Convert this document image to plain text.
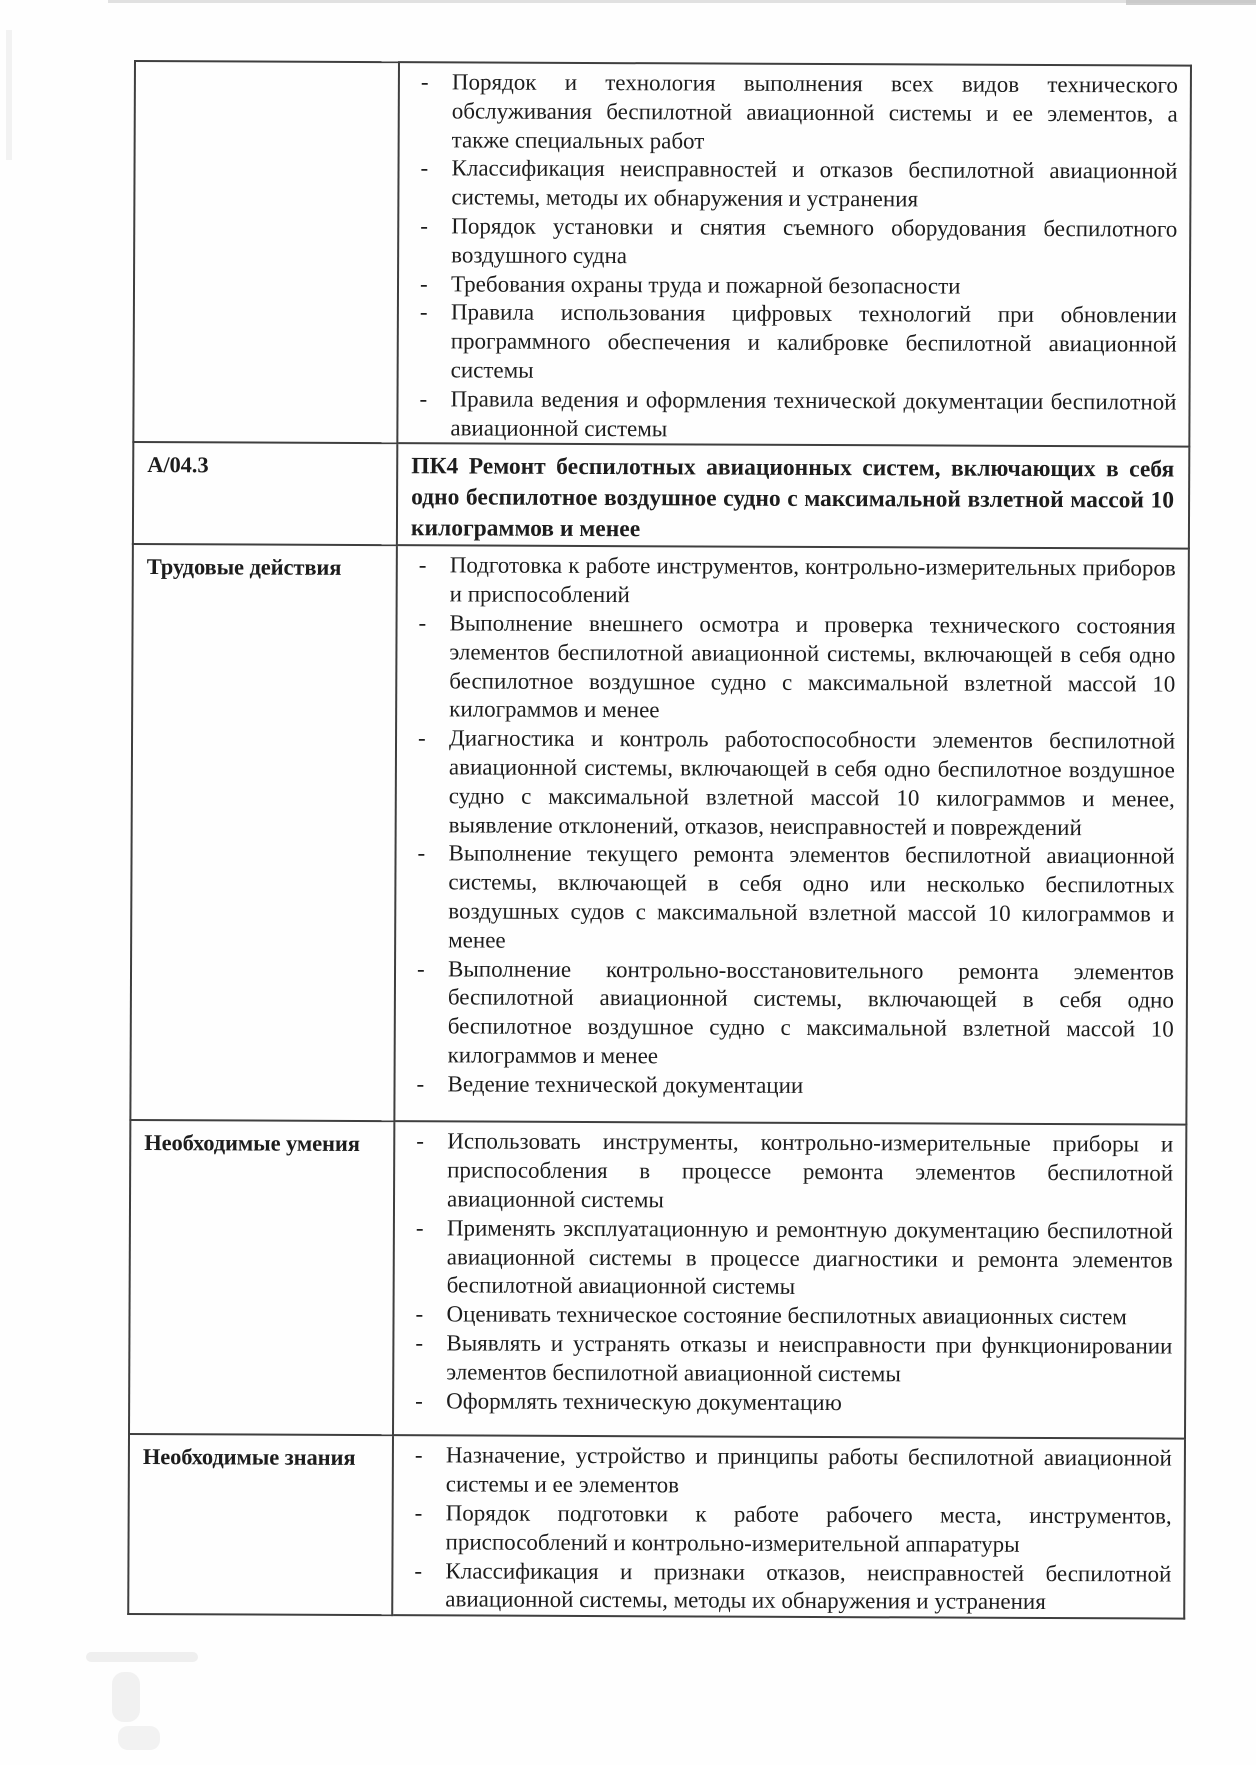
-	Порядок и технология выполнения всех видов технического обслуживания беспилотной авиационной системы и ее элементов, а также специальных работ
-	Классификация неисправностей и отказов беспилотной авиационной системы, методы их обнаружения и устранения
-	Порядок установки и снятия съемного оборудования беспилотного воздушного судна
-	Требования охраны труда и пожарной безопасности
-	Правила использования цифровых технологий при обновлении программного обеспечения и калибровке беспилотной авиационной системы
-	Правила ведения и оформления технической документации беспилотной авиационной системы

А/04.3	ПК4 Ремонт беспилотных авиационных систем, включающих в себя одно беспилотное воздушное судно с максимальной взлетной массой 10 килограммов и менее
Трудовые действия	-	Подготовка к работе инструментов, контрольно-измерительных приборов и приспособлений
-	Выполнение внешнего осмотра и проверка технического состояния элементов беспилотной авиационной системы, включающей в себя одно беспилотное воздушное судно с максимальной взлетной массой 10 килограммов и менее
-	Диагностика и контроль работоспособности элементов беспилотной авиационной системы, включающей в себя одно беспилотное воздушное судно с максимальной взлетной массой 10 килограммов и менее, выявление отклонений, отказов, неисправностей и повреждений
-	Выполнение текущего ремонта элементов беспилотной авиационной системы, включающей в себя одно или несколько беспилотных воздушных судов с максимальной взлетной массой 10 килограммов и менее
-	Выполнение контрольно-восстановительного ремонта элементов беспилотной авиационной системы, включающей в себя одно беспилотное воздушное судно с максимальной взлетной массой 10 килограммов и менее
-	Ведение технической документации

Необходимые умения	-	Использовать инструменты, контрольно-измерительные приборы и приспособления в процессе ремонта элементов беспилотной авиационной системы
-	Применять эксплуатационную и ремонтную документацию беспилотной авиационной системы в процессе диагностики и ремонта элементов беспилотной авиационной системы
-	Оценивать техническое состояние беспилотных авиационных систем
-	Выявлять и устранять отказы и неисправности при функционировании элементов беспилотной авиационной системы
-	Оформлять техническую документацию

Необходимые знания	-	Назначение, устройство и принципы работы беспилотной авиационной системы и ее элементов
-	Порядок подготовки к работе рабочего места, инструментов, приспособлений и контрольно-измерительной аппаратуры
-	Классификация и признаки отказов, неисправностей беспилотной авиационной системы, методы их обнаружения и устранения
